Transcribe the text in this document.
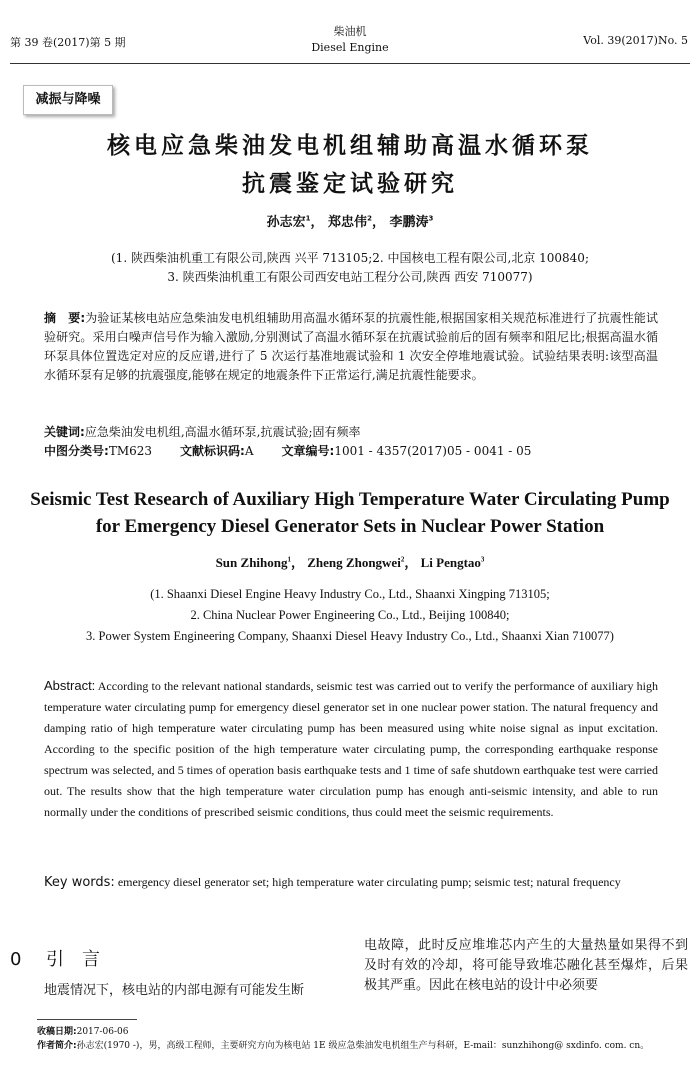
第 39 卷(2017)第 5 期
柴油机
Diesel Engine
Vol. 39(2017)No. 5
减振与降噪
核电应急柴油发电机组辅助高温水循环泵
抗震鉴定试验研究
孙志宏$^1$， 郑忠伟$^2$， 李鹏涛$^3$
(1. 陕西柴油机重工有限公司,陕西 兴平 713105;2. 中国核电工程有限公司,北京 100840;
3. 陕西柴油机重工有限公司西安电站工程分公司,陕西 西安 710077)
摘　要:为验证某核电站应急柴油发电机组辅助用高温水循环泵的抗震性能,根据国家相关规范标准进行了抗震性能试验研究。采用白噪声信号作为输入激励,分别测试了高温水循环泵在抗震试验前后的固有频率和阻尼比;根据高温水循环泵具体位置选定对应的反应谱,进行了 5 次运行基准地震试验和 1 次安全停堆地震试验。试验结果表明:该型高温水循环泵有足够的抗震强度,能够在规定的地震条件下正常运行,满足抗震性能要求。
关键词:应急柴油发电机组,高温水循环泵,抗震试验;固有频率
中图分类号:TM623 文献标识码:A 文章编号:1001 - 4357(2017)05 - 0041 - 05
Seismic Test Research of Auxiliary High Temperature Water Circulating Pump
for Emergency Diesel Generator Sets in Nuclear Power Station
Sun Zhihong$^1$， Zheng Zhongwei$^2$， Li Pengtao$^3$
(1. Shaanxi Diesel Engine Heavy Industry Co., Ltd., Shaanxi Xingping 713105;
2. China Nuclear Power Engineering Co., Ltd., Beijing 100840;
3. Power System Engineering Company, Shaanxi Diesel Heavy Industry Co., Ltd., Shaanxi Xian 710077)
Abstract: According to the relevant national standards, seismic test was carried out to verify the performance of auxiliary high temperature water circulating pump for emergency diesel generator set in one nuclear power station. The natural frequency and damping ratio of high temperature water circulating pump has been measured using white noise signal as input excitation. According to the specific position of the high temperature water circulating pump, the corresponding earthquake response spectrum was selected, and 5 times of operation basis earthquake tests and 1 time of safe shutdown earthquake test were carried out. The results show that the high temperature water circulation pump has enough anti-seismic intensity, and able to run normally under the conditions of prescribed seismic conditions, thus could meet the seismic requirements.
Key words: emergency diesel generator set; high temperature water circulating pump; seismic test; natural frequency
0 引言
地震情况下，核电站的内部电源有可能发生断
电故障，此时反应堆堆芯内产生的大量热量如果得不到及时有效的冷却，将可能导致堆芯融化甚至爆炸，后果极其严重。因此在核电站的设计中必须要
收稿日期:2017-06-06
作者简介:孙志宏(1970 -)，男，高级工程师，主要研究方向为核电站 1E 级应急柴油发电机组生产与科研，E-mail：sunzhihong@ sxdinfo. com. cn。
